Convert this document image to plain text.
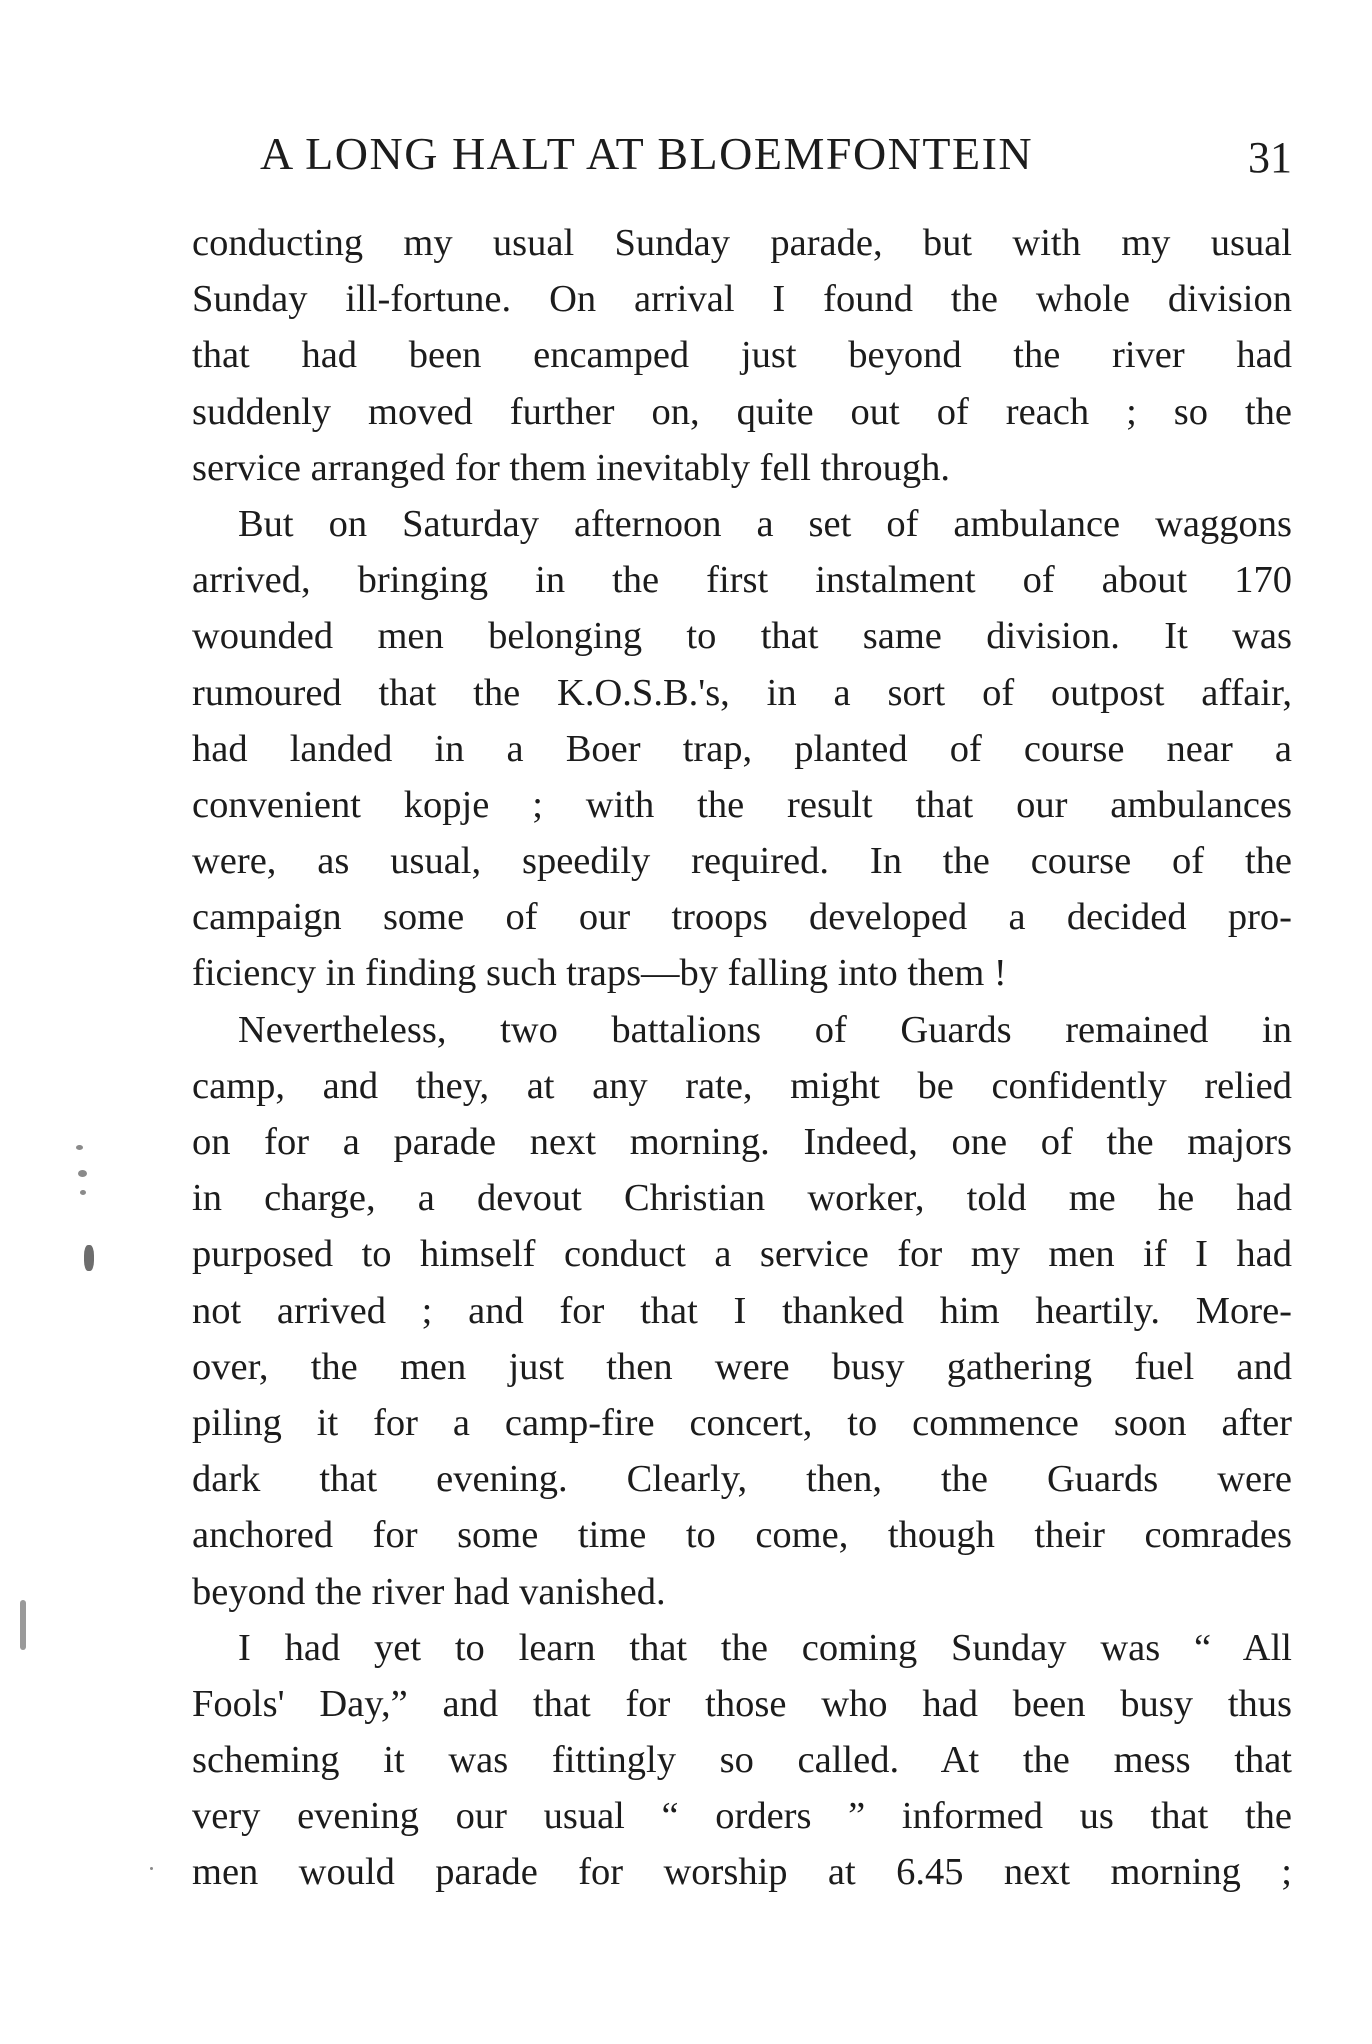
A LONG HALT AT BLOEMFONTEIN	31
conducting my usual Sunday parade, but with my usual
Sunday ill-fortune. On arrival I found the whole division
that had been encamped just beyond the river had
suddenly moved further on, quite out of reach ; so the
service arranged for them inevitably fell through.
But on Saturday afternoon a set of ambulance waggons
arrived, bringing in the first instalment of about 170
wounded men belonging to that same division. It was
rumoured that the K.O.S.B.'s, in a sort of outpost affair,
had landed in a Boer trap, planted of course near a
convenient kopje ; with the result that our ambulances
were, as usual, speedily required. In the course of the
campaign some of our troops developed a decided pro-
ficiency in finding such traps—by falling into them !
Nevertheless, two battalions of Guards remained in
camp, and they, at any rate, might be confidently relied
on for a parade next morning. Indeed, one of the majors
in charge, a devout Christian worker, told me he had
purposed to himself conduct a service for my men if I had
not arrived ; and for that I thanked him heartily. More-
over, the men just then were busy gathering fuel and
piling it for a camp-fire concert, to commence soon after
dark that evening. Clearly, then, the Guards were
anchored for some time to come, though their comrades
beyond the river had vanished.
I had yet to learn that the coming Sunday was “ All
Fools' Day,” and that for those who had been busy thus
scheming it was fittingly so called. At the mess that
very evening our usual “ orders ” informed us that the
men would parade for worship at 6.45 next morning ;
